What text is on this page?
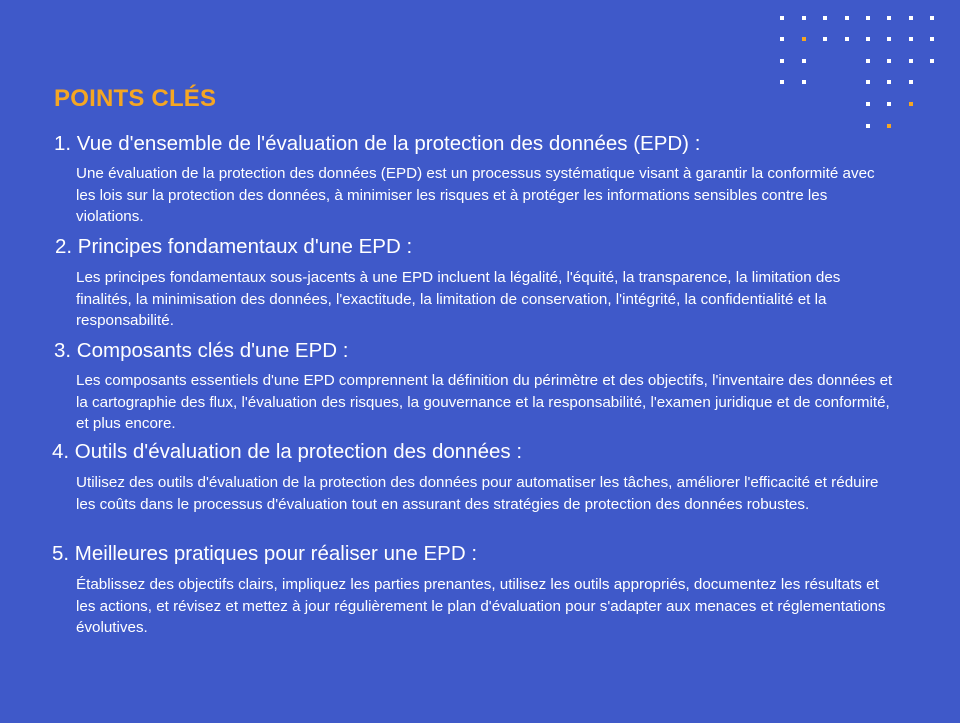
POINTS CLÉS
1. Vue d'ensemble de l'évaluation de la protection des données (EPD) :
Une évaluation de la protection des données (EPD) est un processus systématique visant à garantir la conformité avec les lois sur la protection des données, à minimiser les risques et à protéger les informations sensibles contre les violations.
2. Principes fondamentaux d'une EPD :
Les principes fondamentaux sous-jacents à une EPD incluent la légalité, l'équité, la transparence, la limitation des finalités, la minimisation des données, l'exactitude, la limitation de conservation, l'intégrité, la confidentialité et la responsabilité.
3. Composants clés d'une EPD :
Les composants essentiels d'une EPD comprennent la définition du périmètre et des objectifs, l'inventaire des données et la cartographie des flux, l'évaluation des risques, la gouvernance et la responsabilité, l'examen juridique et de conformité, et plus encore.
4. Outils d'évaluation de la protection des données :
Utilisez des outils d'évaluation de la protection des données pour automatiser les tâches, améliorer l'efficacité et réduire les coûts dans le processus d'évaluation tout en assurant des stratégies de protection des données robustes.
5. Meilleures pratiques pour réaliser une EPD :
Établissez des objectifs clairs, impliquez les parties prenantes, utilisez les outils appropriés, documentez les résultats et les actions, et révisez et mettez à jour régulièrement le plan d'évaluation pour s'adapter aux menaces et réglementations évolutives.
